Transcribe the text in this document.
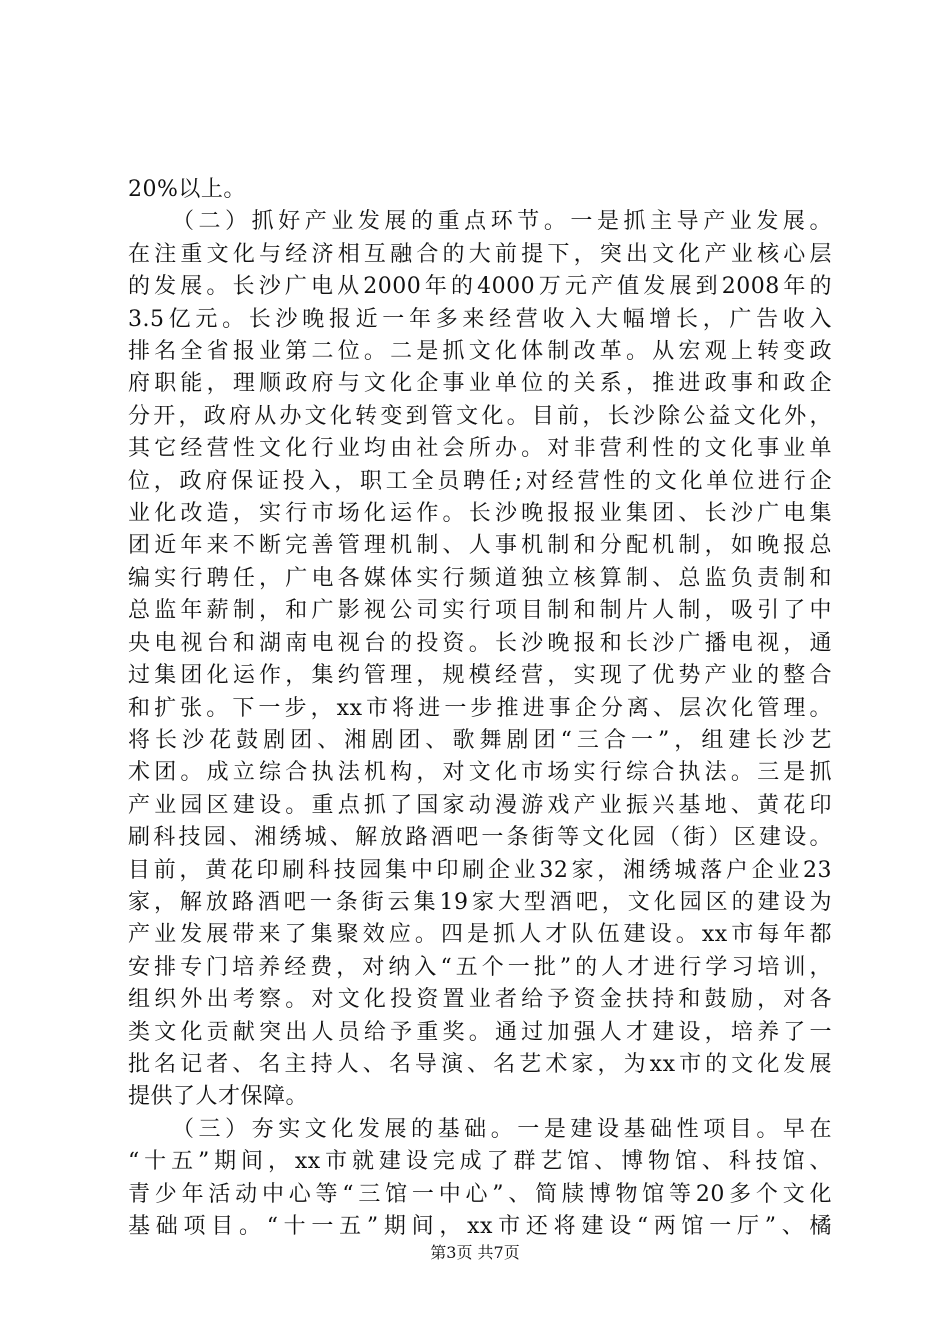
20%以上。
（二）抓好产业发展的重点环节。一是抓主导产业发展。
在注重文化与经济相互融合的大前提下，突出文化产业核心层
的发展。长沙广电从2000年的4000万元产值发展到2008年的
3.5亿元。长沙晚报近一年多来经营收入大幅增长，广告收入
排名全省报业第二位。二是抓文化体制改革。从宏观上转变政
府职能，理顺政府与文化企事业单位的关系，推进政事和政企
分开，政府从办文化转变到管文化。目前，长沙除公益文化外，
其它经营性文化行业均由社会所办。对非营利性的文化事业单
位，政府保证投入，职工全员聘任;对经营性的文化单位进行企
业化改造，实行市场化运作。长沙晚报报业集团、长沙广电集
团近年来不断完善管理机制、人事机制和分配机制，如晚报总
编实行聘任，广电各媒体实行频道独立核算制、总监负责制和
总监年薪制，和广影视公司实行项目制和制片人制，吸引了中
央电视台和湖南电视台的投资。长沙晚报和长沙广播电视，通
过集团化运作，集约管理，规模经营，实现了优势产业的整合
和扩张。下一步，xx市将进一步推进事企分离、层次化管理。
将长沙花鼓剧团、湘剧团、歌舞剧团“三合一”，组建长沙艺
术团。成立综合执法机构，对文化市场实行综合执法。三是抓
产业园区建设。重点抓了国家动漫游戏产业振兴基地、黄花印
刷科技园、湘绣城、解放路酒吧一条街等文化园（街）区建设。
目前，黄花印刷科技园集中印刷企业32家，湘绣城落户企业23
家，解放路酒吧一条街云集19家大型酒吧，文化园区的建设为
产业发展带来了集聚效应。四是抓人才队伍建设。xx市每年都
安排专门培养经费，对纳入“五个一批”的人才进行学习培训，
组织外出考察。对文化投资置业者给予资金扶持和鼓励，对各
类文化贡献突出人员给予重奖。通过加强人才建设，培养了一
批名记者、名主持人、名导演、名艺术家，为xx市的文化发展
提供了人才保障。
（三）夯实文化发展的基础。一是建设基础性项目。早在
“十五”期间，xx市就建设完成了群艺馆、博物馆、科技馆、
青少年活动中心等“三馆一中心”、简牍博物馆等20多个文化
基础项目。“十一五”期间，xx市还将建设“两馆一厅”、橘
第3页 共7页
